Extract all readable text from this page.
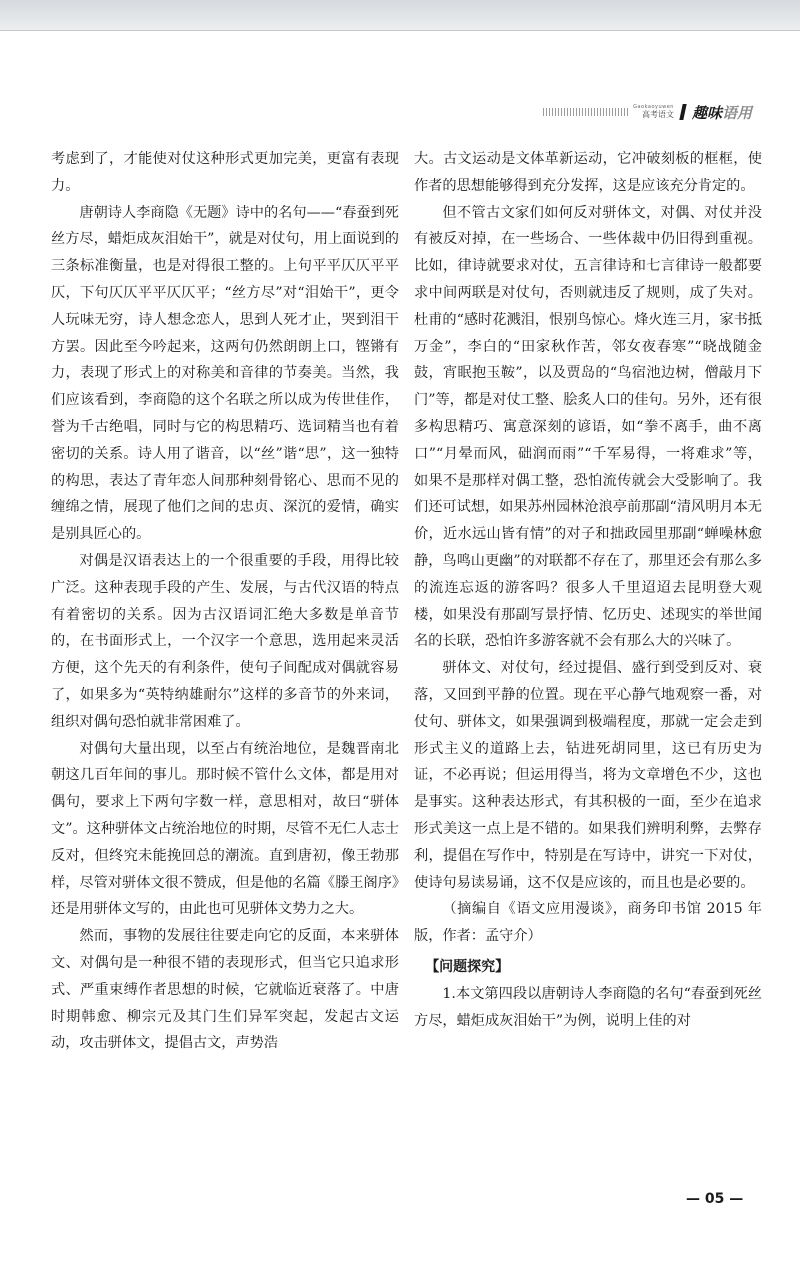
Gaokaoyuwen
高考语文 趣味语用

考虑到了，才能使对仗这种形式更加完美，更富有表现力。

唐朝诗人李商隐《无题》诗中的名句——“春蚕到死丝方尽，蜡炬成灰泪始干”，就是对仗句，用上面说到的三条标准衡量，也是对得很工整的。上句平平仄仄平平仄，下句仄仄平平仄仄平；“丝方尽”对“泪始干”，更令人玩味无穷，诗人想念恋人，思到人死才止，哭到泪干方罢。因此至今吟起来，这两句仍然朗朗上口，铿锵有力，表现了形式上的对称美和音律的节奏美。当然，我们应该看到，李商隐的这个名联之所以成为传世佳作，誉为千古绝唱，同时与它的构思精巧、选词精当也有着密切的关系。诗人用了谐音，以“丝”谐“思”，这一独特的构思，表达了青年恋人间那种刻骨铭心、思而不见的缠绵之情，展现了他们之间的忠贞、深沉的爱情，确实是别具匠心的。

对偶是汉语表达上的一个很重要的手段，用得比较广泛。这种表现手段的产生、发展，与古代汉语的特点有着密切的关系。因为古汉语词汇绝大多数是单音节的，在书面形式上，一个汉字一个意思，选用起来灵活方便，这个先天的有利条件，使句子间配成对偶就容易了，如果多为“英特纳雄耐尔”这样的多音节的外来词，组织对偶句恐怕就非常困难了。

对偶句大量出现，以至占有统治地位，是魏晋南北朝这几百年间的事儿。那时候不管什么文体，都是用对偶句，要求上下两句字数一样，意思相对，故曰“骈体文”。这种骈体文占统治地位的时期，尽管不无仁人志士反对，但终究未能挽回总的潮流。直到唐初，像王勃那样，尽管对骈体文很不赞成，但是他的名篇《滕王阁序》还是用骈体文写的，由此也可见骈体文势力之大。

然而，事物的发展往往要走向它的反面，本来骈体文、对偶句是一种很不错的表现形式，但当它只追求形式、严重束缚作者思想的时候，它就临近衰落了。中唐时期韩愈、柳宗元及其门生们异军突起，发起古文运动，攻击骈体文，提倡古文，声势浩

大。古文运动是文体革新运动，它冲破刻板的框框，使作者的思想能够得到充分发挥，这是应该充分肯定的。

但不管古文家们如何反对骈体文，对偶、对仗并没有被反对掉，在一些场合、一些体裁中仍旧得到重视。比如，律诗就要求对仗，五言律诗和七言律诗一般都要求中间两联是对仗句，否则就违反了规则，成了失对。杜甫的“感时花溅泪，恨别鸟惊心。烽火连三月，家书抵万金”，李白的“田家秋作苦，邻女夜春寒”“晓战随金鼓，宵眠抱玉鞍”，以及贾岛的“鸟宿池边树，僧敲月下门”等，都是对仗工整、脍炙人口的佳句。另外，还有很多构思精巧、寓意深刻的谚语，如“拳不离手，曲不离口”“月晕而风，础润而雨”“千军易得，一将难求”等，如果不是那样对偶工整，恐怕流传就会大受影响了。我们还可试想，如果苏州园林沧浪亭前那副“清风明月本无价，近水远山皆有情”的对子和拙政园里那副“蝉噪林愈静，鸟鸣山更幽”的对联都不存在了，那里还会有那么多的流连忘返的游客吗？很多人千里迢迢去昆明登大观楼，如果没有那副写景抒情、忆历史、述现实的举世闻名的长联，恐怕许多游客就不会有那么大的兴味了。

骈体文、对仗句，经过提倡、盛行到受到反对、衰落，又回到平静的位置。现在平心静气地观察一番，对仗句、骈体文，如果强调到极端程度，那就一定会走到形式主义的道路上去，钻进死胡同里，这已有历史为证，不必再说；但运用得当，将为文章增色不少，这也是事实。这种表达形式，有其积极的一面，至少在追求形式美这一点上是不错的。如果我们辨明利弊，去弊存利，提倡在写作中，特别是在写诗中，讲究一下对仗，使诗句易读易诵，这不仅是应该的，而且也是必要的。

（摘编自《语文应用漫谈》，商务印书馆 2015 年版，作者：孟守介）

【问题探究】

1.本文第四段以唐朝诗人李商隐的名句“春蚕到死丝方尽，蜡炬成灰泪始干”为例，说明上佳的对

— 05 —
